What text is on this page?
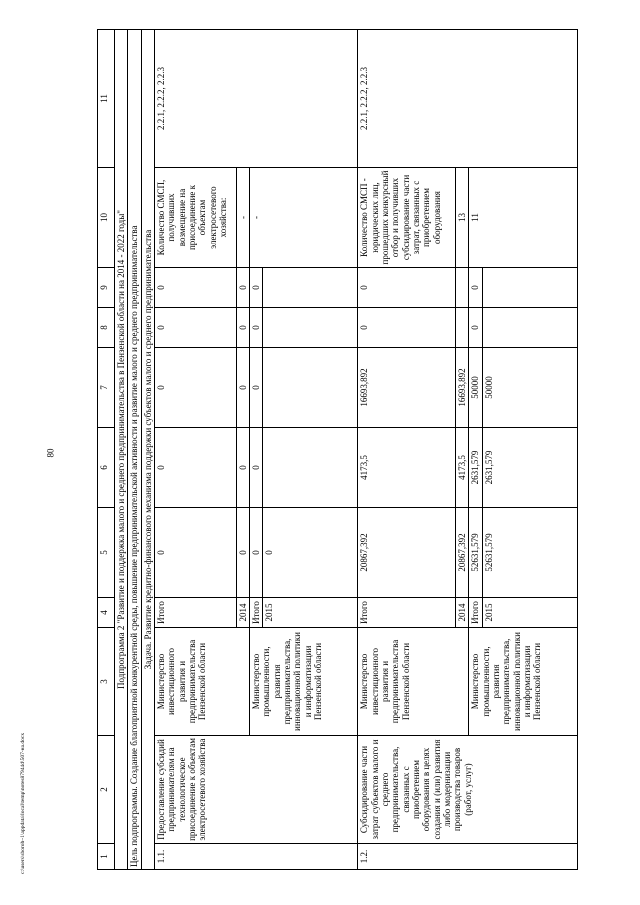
80
c:\users\sboroh~1\appdata\local\temp\notes87944d\507-на.docx	1	2	3	4	5	6	7	8	9	10	11
Подпрограмма 2 "Развитие и поддержка малого и среднего предпринимательства в Пензенской области на 2014 - 2022 годы"										
Цель подпрограммы. Создание благоприятной конкурентной среды, повышение предпринимательской активности и развитие малого и среднего предпринимательства										
Задача. Развитие кредитно-финансового механизма поддержки субъектов малого и среднего предпринимательства										
1.1.	Предоставление субсидий предпринимателям на технологическое присоединение к объектам электросетевого хозяйства	Министерство инвестиционного развития и предпринимательства Пензенской области	Итого	0	0	0	0	0	Количество СМСП, получивших возмещение на присоединение к объектам электросетевого хозяйства:	2.2.1, 2.2.2, 2.2.3
			2014	0	0	0	0	0	-	
		Министерство промышленности, развития предпринимательства, инновационной политики и информатизации Пензенской области	Итого	0	0	0	0	0	-	
			2015	0						
1.2.	Субсидирование части затрат субъектов малого и среднего предпринимательства, связанных с приобретением оборудования в целях создания и (или) развития либо модернизации производства товаров (работ, услуг)	Министерство инвестиционного развития и предпринимательства Пензенской области	Итого	20867,392	4173,5	16693,892	0	0	Количество СМСП - юридических лиц, прошедших конкурсный отбор и получивших субсидирование части затрат, связанных с приобретением оборудования	2.2.1, 2.2.2, 2.2.3
			2014	20867,392	4173,5	16693,892			13	
		Министерство промышленности, развития предпринимательства, инновационной политики и информатизации Пензенской области	Итого	52631,579	2631,579	50000	0	0	11	
			2015	52631,579	2631,579	50000				
